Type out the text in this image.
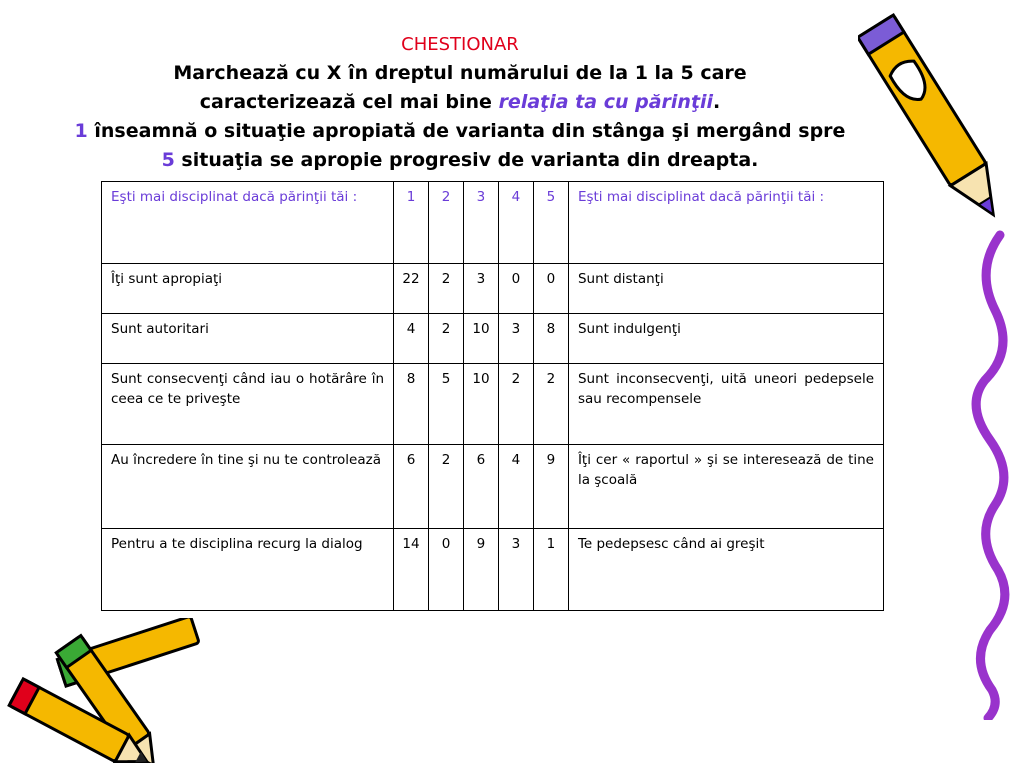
CHESTIONAR
Marchează cu X în dreptul numărului de la 1 la 5 care
caracterizează cel mai bine relaţia ta cu părinţii.
1 înseamnă o situaţie apropiată de varianta din stânga şi mergând spre
5 situaţia se apropie progresiv de varianta din dreapta.
Eşti mai disciplinat dacă părinţii tăi :	1	2	3	4	5	Eşti mai disciplinat dacă părinţii tăi :
Îţi sunt apropiaţi	22	2	3	0	0	Sunt distanţi
Sunt autoritari	4	2	10	3	8	Sunt indulgenţi
Sunt consecvenţi când iau o hotărâre în ceea ce te priveşte	8	5	10	2	2	Sunt inconsecvenţi, uită uneori pedepsele sau recompensele
Au încredere în tine şi nu te controlează	6	2	6	4	9	Îţi cer « raportul » şi se interesează de tine la şcoală
Pentru a te disciplina recurg la dialog	14	0	9	3	1	Te pedepsesc când ai greşit
